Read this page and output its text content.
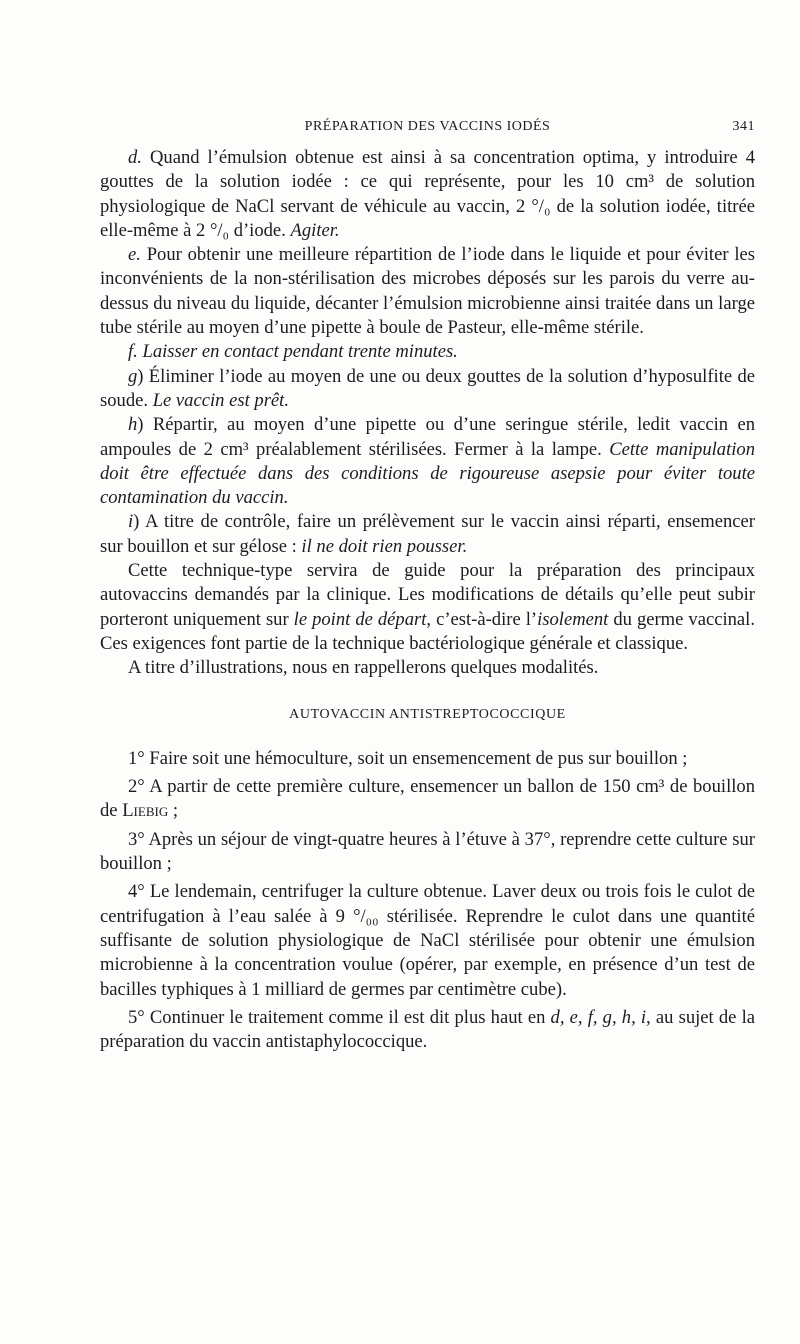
PRÉPARATION DES VACCINS IODÉS	341

d. Quand l’émulsion obtenue est ainsi à sa concentration optima, y introduire 4 gouttes de la solution iodée : ce qui représente, pour les 10 cm³ de solution physiologique de NaCl servant de véhicule au vaccin, 2 °/₀ de la solution iodée, titrée elle-même à 2 °/₀ d’iode. Agiter.

e. Pour obtenir une meilleure répartition de l’iode dans le liquide et pour éviter les inconvénients de la non-stérilisation des microbes déposés sur les parois du verre au-dessus du niveau du liquide, décanter l’émulsion microbienne ainsi traitée dans un large tube stérile au moyen d’une pipette à boule de Pasteur, elle-même stérile.

f. Laisser en contact pendant trente minutes.

g) Éliminer l’iode au moyen de une ou deux gouttes de la solution d’hyposulfite de soude. Le vaccin est prêt.

h) Répartir, au moyen d’une pipette ou d’une seringue stérile, ledit vaccin en ampoules de 2 cm³ préalablement stérilisées. Fermer à la lampe. Cette manipulation doit être effectuée dans des conditions de rigoureuse asepsie pour éviter toute contamination du vaccin.

i) A titre de contrôle, faire un prélèvement sur le vaccin ainsi réparti, ensemencer sur bouillon et sur gélose : il ne doit rien pousser.

Cette technique-type servira de guide pour la préparation des principaux autovaccins demandés par la clinique. Les modifications de détails qu’elle peut subir porteront uniquement sur le point de départ, c’est-à-dire l’isolement du germe vaccinal. Ces exigences font partie de la technique bactériologique générale et classique.

A titre d’illustrations, nous en rappellerons quelques modalités.

AUTOVACCIN ANTISTREPTOCOCCIQUE

1° Faire soit une hémoculture, soit un ensemencement de pus sur bouillon ;

2° A partir de cette première culture, ensemencer un ballon de 150 cm³ de bouillon de Liebig ;

3° Après un séjour de vingt-quatre heures à l’étuve à 37°, reprendre cette culture sur bouillon ;

4° Le lendemain, centrifuger la culture obtenue. Laver deux ou trois fois le culot de centrifugation à l’eau salée à 9 °/₀₀ stérilisée. Reprendre le culot dans une quantité suffisante de solution physiologique de NaCl stérilisée pour obtenir une émulsion microbienne à la concentration voulue (opérer, par exemple, en présence d’un test de bacilles typhiques à 1 milliard de germes par centimètre cube).

5° Continuer le traitement comme il est dit plus haut en d, e, f, g, h, i, au sujet de la préparation du vaccin antistaphylococcique.
